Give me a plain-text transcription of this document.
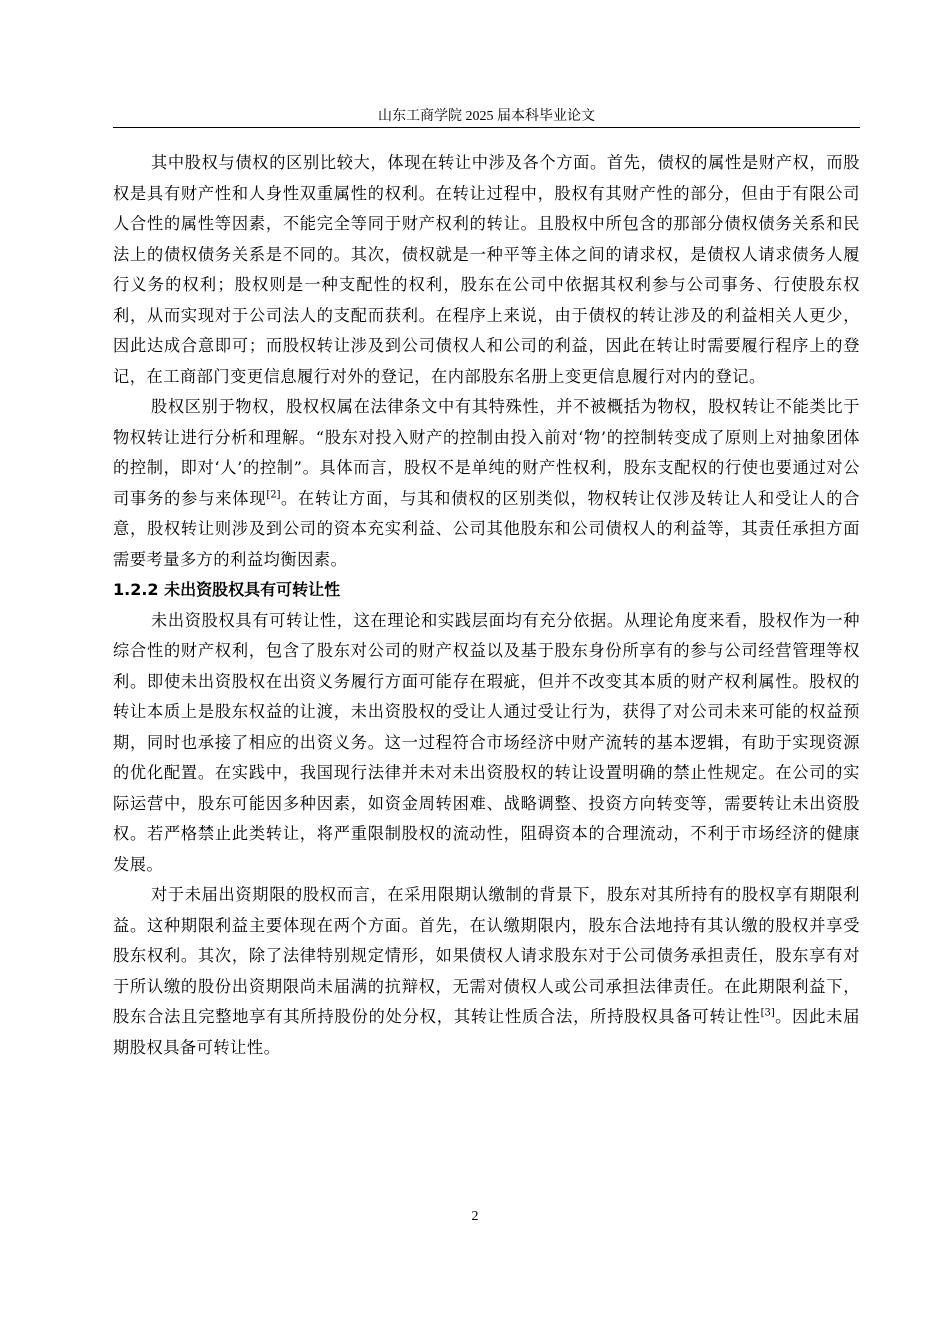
山东工商学院 2025 届本科毕业论文

其中股权与债权的区别比较大，体现在转让中涉及各个方面。首先，债权的属性是财产权，而股权是具有财产性和人身性双重属性的权利。在转让过程中，股权有其财产性的部分，但由于有限公司人合性的属性等因素，不能完全等同于财产权利的转让。且股权中所包含的那部分债权债务关系和民法上的债权债务关系是不同的。其次，债权就是一种平等主体之间的请求权，是债权人请求债务人履行义务的权利；股权则是一种支配性的权利，股东在公司中依据其权利参与公司事务、行使股东权利，从而实现对于公司法人的支配而获利。在程序上来说，由于债权的转让涉及的利益相关人更少，因此达成合意即可；而股权转让涉及到公司债权人和公司的利益，因此在转让时需要履行程序上的登记，在工商部门变更信息履行对外的登记，在内部股东名册上变更信息履行对内的登记。

股权区别于物权，股权权属在法律条文中有其特殊性，并不被概括为物权，股权转让不能类比于物权转让进行分析和理解。“股东对投入财产的控制由投入前对‘物’的控制转变成了原则上对抽象团体的控制，即对‘人’的控制”。具体而言，股权不是单纯的财产性权利，股东支配权的行使也要通过对公司事务的参与来体现[2]。在转让方面，与其和债权的区别类似，物权转让仅涉及转让人和受让人的合意，股权转让则涉及到公司的资本充实利益、公司其他股东和公司债权人的利益等，其责任承担方面需要考量多方的利益均衡因素。

1.2.2 未出资股权具有可转让性

未出资股权具有可转让性，这在理论和实践层面均有充分依据。从理论角度来看，股权作为一种综合性的财产权利，包含了股东对公司的财产权益以及基于股东身份所享有的参与公司经营管理等权利。即使未出资股权在出资义务履行方面可能存在瑕疵，但并不改变其本质的财产权利属性。股权的转让本质上是股东权益的让渡，未出资股权的受让人通过受让行为，获得了对公司未来可能的权益预期，同时也承接了相应的出资义务。这一过程符合市场经济中财产流转的基本逻辑，有助于实现资源的优化配置。在实践中，我国现行法律并未对未出资股权的转让设置明确的禁止性规定。在公司的实际运营中，股东可能因多种因素，如资金周转困难、战略调整、投资方向转变等，需要转让未出资股权。若严格禁止此类转让，将严重限制股权的流动性，阻碍资本的合理流动，不利于市场经济的健康发展。

对于未届出资期限的股权而言，在采用限期认缴制的背景下，股东对其所持有的股权享有期限利益。这种期限利益主要体现在两个方面。首先，在认缴期限内，股东合法地持有其认缴的股权并享受股东权利。其次，除了法律特别规定情形，如果债权人请求股东对于公司债务承担责任，股东享有对于所认缴的股份出资期限尚未届满的抗辩权，无需对债权人或公司承担法律责任。在此期限利益下，股东合法且完整地享有其所持股份的处分权，其转让性质合法，所持股权具备可转让性[3]。因此未届期股权具备可转让性。

2
